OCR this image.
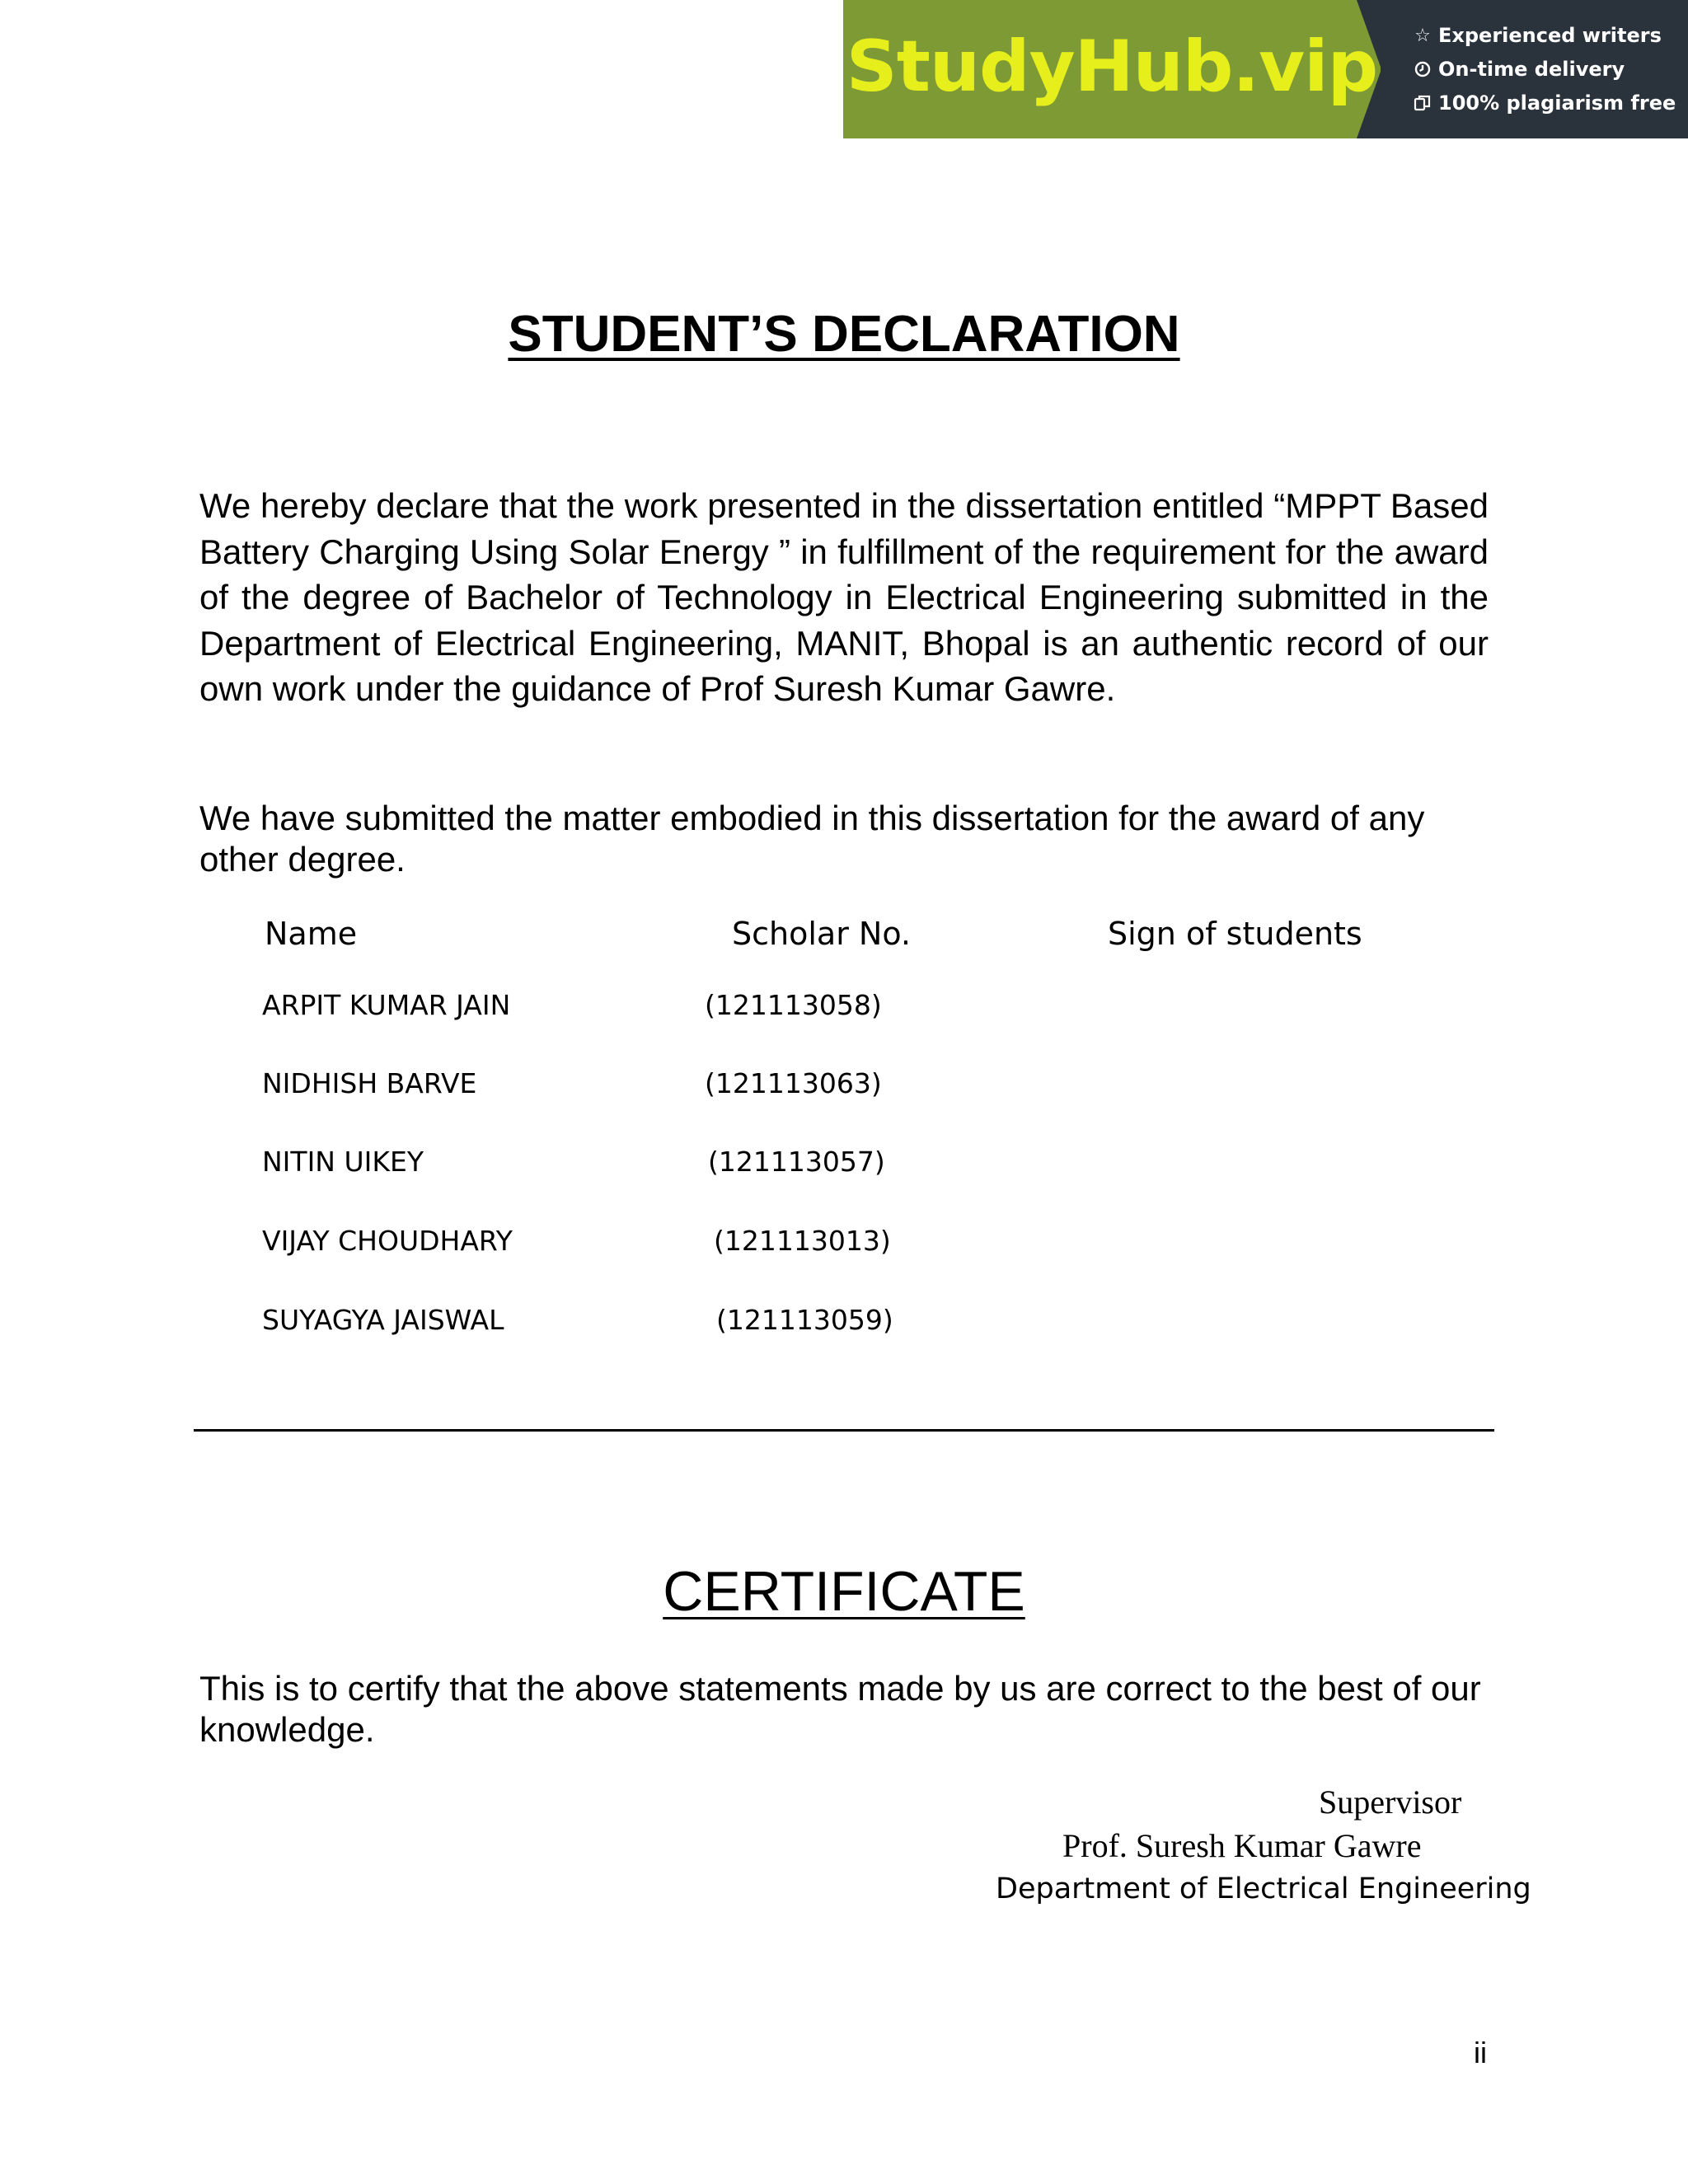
StudyHub.vip ☆ Experienced writers
On-time delivery
100% plagiarism free
STUDENT’S DECLARATION

We hereby declare that the work presented in the dissertation entitled “MPPT Based Battery Charging Using Solar Energy ” in fulfillment of the requirement for the award of the degree of Bachelor of Technology in Electrical Engineering submitted in the Department of Electrical Engineering, MANIT, Bhopal is an authentic record of our own work under the guidance of Prof Suresh Kumar Gawre.

We have submitted the matter embodied in this dissertation for the award of any other degree.

Name	Scholar No.	Sign of students
ARPIT KUMAR JAIN	(121113058)
NIDHISH BARVE	(121113063)
NITIN UIKEY	(121113057)
VIJAY CHOUDHARY	(121113013)
SUYAGYA JAISWAL	(121113059)
CERTIFICATE

This is to certify that the above statements made by us are correct to the best of our knowledge.

Supervisor
Prof. Suresh Kumar Gawre
Department of Electrical Engineering
ii
